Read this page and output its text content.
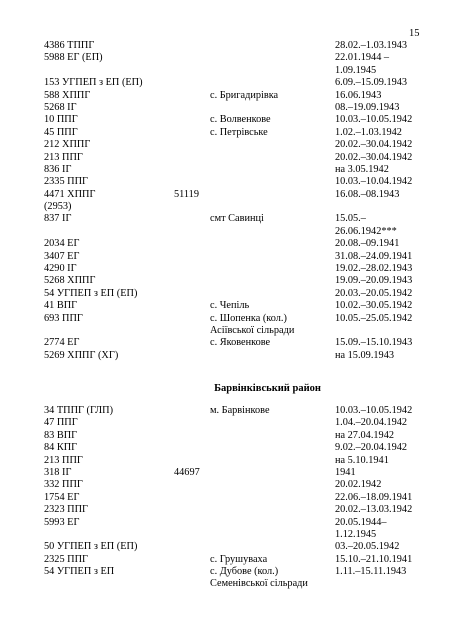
15
4386 ТППГ	28.02.–1.03.1943
5988 ЕГ (ЕП)	22.01.1944 –
1.09.1945
153 УГПЕП з ЕП (ЕП)	6.09.–15.09.1943
588 ХППГ	с. Бригадирівка	16.06.1943
5268 ІГ	08.–19.09.1943
10 ППГ	с. Волвенкове	10.03.–10.05.1942
45 ППГ	с. Петрівське	1.02.–1.03.1942
212 ХППГ	20.02.–30.04.1942
213 ППГ	20.02.–30.04.1942
836 ІГ	на 3.05.1942
2335 ППГ	10.03.–10.04.1942
4471 ХППГ	51119	16.08.–08.1943
(2953)
837 ІГ	смт Савинці	15.05.–
26.06.1942***
2034 ЕГ	20.08.–09.1941
3407 ЕГ	31.08.–24.09.1941
4290 ІГ	19.02.–28.02.1943
5268 ХППГ	19.09.–20.09.1943
54 УГПЕП з ЕП (ЕП)	20.03.–20.05.1942
41 ВПГ	с. Чепіль	10.02.–30.05.1942
693 ППГ	с. Шопенка (кол.)	10.05.–25.05.1942
Асіївської сільради
2774 ЕГ	с. Яковенкове	15.09.–15.10.1943
5269 ХППГ (ХГ)	на 15.09.1943
Барвінківський район
34 ТППГ (ГЛП)	м. Барвінкове	10.03.–10.05.1942
47 ППГ	1.04.–20.04.1942
83 ВПГ	на 27.04.1942
84 КПГ	9.02.–20.04.1942
213 ППГ	на 5.10.1941
318 ІГ	44697	1941
332 ППГ	20.02.1942
1754 ЕГ	22.06.–18.09.1941
2323 ППГ	20.02.–13.03.1942
5993 ЕГ	20.05.1944–
1.12.1945
50 УГПЕП з ЕП (ЕП)	03.–20.05.1942
2325 ППГ	с. Грушуваха	15.10.–21.10.1941
54 УГПЕП з ЕП	с. Дубове (кол.)	1.11.–15.11.1943
Семенівської сільради
